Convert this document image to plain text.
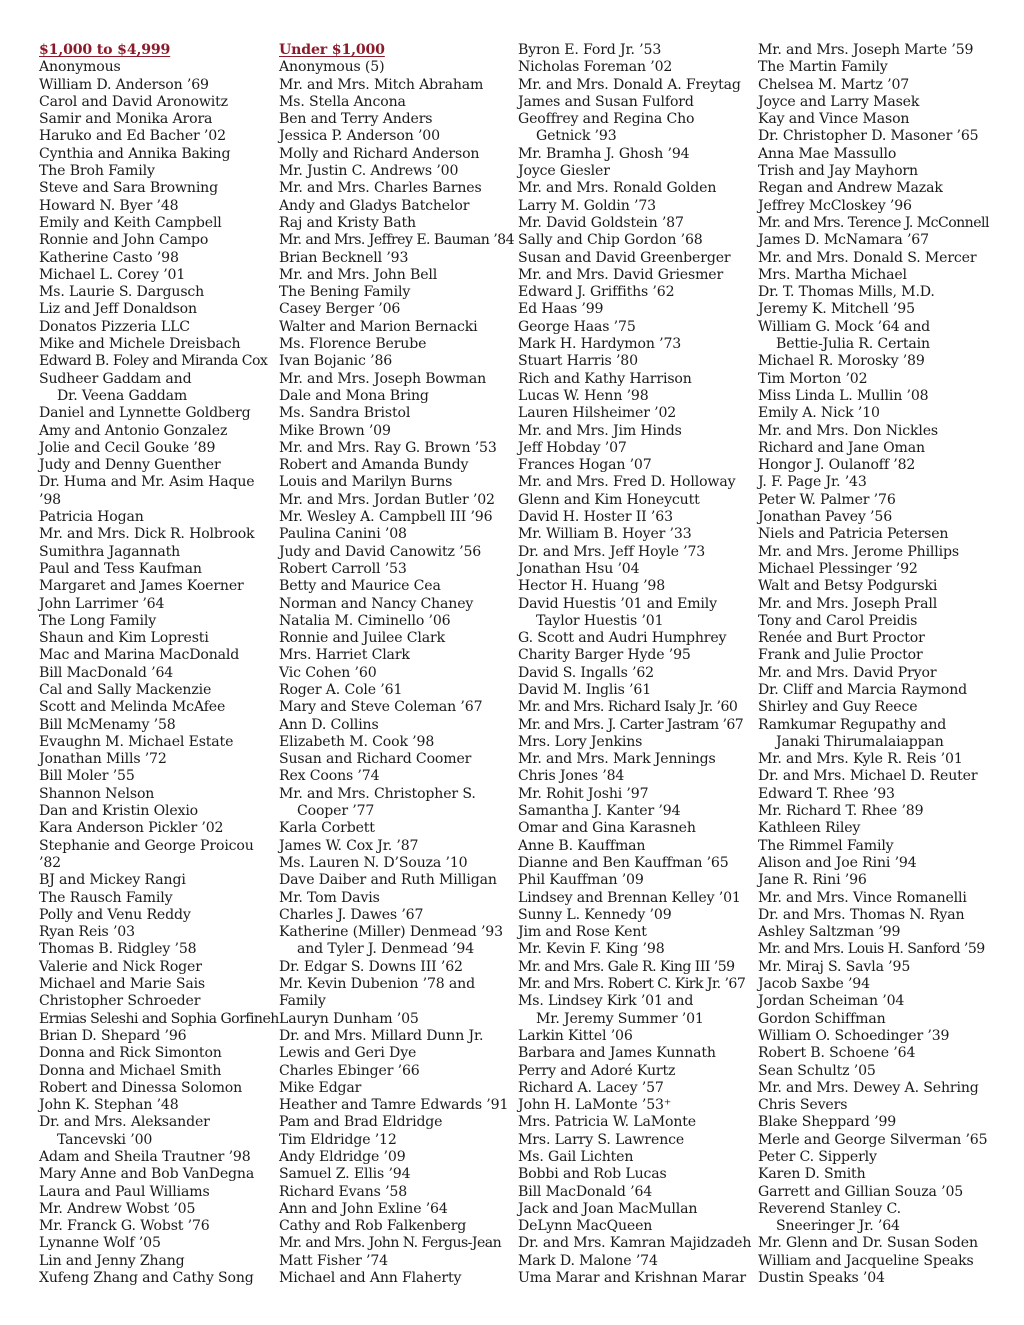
$1,000 to $4,999
Anonymous
William D. Anderson ’69
Carol and David Aronowitz
Samir and Monika Arora
Haruko and Ed Bacher ’02
Cynthia and Annika Baking
The Broh Family
Steve and Sara Browning
Howard N. Byer ’48
Emily and Keith Campbell
Ronnie and John Campo
Katherine Casto ’98
Michael L. Corey ’01
Ms. Laurie S. Dargusch
Liz and Jeff Donaldson
Donatos Pizzeria LLC
Mike and Michele Dreisbach
Edward B. Foley and Miranda Cox
Sudheer Gaddam and
Dr. Veena Gaddam
Daniel and Lynnette Goldberg
Amy and Antonio Gonzalez
Jolie and Cecil Gouke ’89
Judy and Denny Guenther
Dr. Huma and Mr. Asim Haque
’98
Patricia Hogan
Mr. and Mrs. Dick R. Holbrook
Sumithra Jagannath
Paul and Tess Kaufman
Margaret and James Koerner
John Larrimer ’64
The Long Family
Shaun and Kim Lopresti
Mac and Marina MacDonald
Bill MacDonald ’64
Cal and Sally Mackenzie
Scott and Melinda McAfee
Bill McMenamy ’58
Evaughn M. Michael Estate
Jonathan Mills ’72
Bill Moler ’55
Shannon Nelson
Dan and Kristin Olexio
Kara Anderson Pickler ’02
Stephanie and George Proicou
’82
BJ and Mickey Rangi
The Rausch Family
Polly and Venu Reddy
Ryan Reis ’03
Thomas B. Ridgley ’58
Valerie and Nick Roger
Michael and Marie Sais
Christopher Schroeder
Ermias Seleshi and Sophia Gorfineh
Brian D. Shepard ’96
Donna and Rick Simonton
Donna and Michael Smith
Robert and Dinessa Solomon
John K. Stephan ’48
Dr. and Mrs. Aleksander
Tancevski ’00
Adam and Sheila Trautner ’98
Mary Anne and Bob VanDegna
Laura and Paul Williams
Mr. Andrew Wobst ’05
Mr. Franck G. Wobst ’76
Lynanne Wolf ’05
Lin and Jenny Zhang
Xufeng Zhang and Cathy Song
Under $1,000
Anonymous (5)
Mr. and Mrs. Mitch Abraham
Ms. Stella Ancona
Ben and Terry Anders
Jessica P. Anderson ’00
Molly and Richard Anderson
Mr. Justin C. Andrews ’00
Mr. and Mrs. Charles Barnes
Andy and Gladys Batchelor
Raj and Kristy Bath
Mr. and Mrs. Jeffrey E. Bauman ’84
Brian Becknell ’93
Mr. and Mrs. John Bell
The Bening Family
Casey Berger ’06
Walter and Marion Bernacki
Ms. Florence Berube
Ivan Bojanic ’86
Mr. and Mrs. Joseph Bowman
Dale and Mona Bring
Ms. Sandra Bristol
Mike Brown ’09
Mr. and Mrs. Ray G. Brown ’53
Robert and Amanda Bundy
Louis and Marilyn Burns
Mr. and Mrs. Jordan Butler ’02
Mr. Wesley A. Campbell III ’96
Paulina Canini ’08
Judy and David Canowitz ’56
Robert Carroll ’53
Betty and Maurice Cea
Norman and Nancy Chaney
Natalia M. Ciminello ’06
Ronnie and Juilee Clark
Mrs. Harriet Clark
Vic Cohen ’60
Roger A. Cole ’61
Mary and Steve Coleman ’67
Ann D. Collins
Elizabeth M. Cook ’98
Susan and Richard Coomer
Rex Coons ’74
Mr. and Mrs. Christopher S.
Cooper ’77
Karla Corbett
James W. Cox Jr. ’87
Ms. Lauren N. D’Souza ’10
Dave Daiber and Ruth Milligan
Mr. Tom Davis
Charles J. Dawes ’67
Katherine (Miller) Denmead ’93
and Tyler J. Denmead ’94
Dr. Edgar S. Downs III ’62
Mr. Kevin Dubenion ’78 and
Family
Lauryn Dunham ’05
Dr. and Mrs. Millard Dunn Jr.
Lewis and Geri Dye
Charles Ebinger ’66
Mike Edgar
Heather and Tamre Edwards ’91
Pam and Brad Eldridge
Tim Eldridge ’12
Andy Eldridge ’09
Samuel Z. Ellis ’94
Richard Evans ’58
Ann and John Exline ’64
Cathy and Rob Falkenberg
Mr. and Mrs. John N. Fergus-Jean
Matt Fisher ’74
Michael and Ann Flaherty
Byron E. Ford Jr. ’53
Nicholas Foreman ’02
Mr. and Mrs. Donald A. Freytag
James and Susan Fulford
Geoffrey and Regina Cho
Getnick ’93
Mr. Bramha J. Ghosh ’94
Joyce Giesler
Mr. and Mrs. Ronald Golden
Larry M. Goldin ’73
Mr. David Goldstein ’87
Sally and Chip Gordon ’68
Susan and David Greenberger
Mr. and Mrs. David Griesmer
Edward J. Griffiths ’62
Ed Haas ’99
George Haas ’75
Mark H. Hardymon ’73
Stuart Harris ’80
Rich and Kathy Harrison
Lucas W. Henn ’98
Lauren Hilsheimer ’02
Mr. and Mrs. Jim Hinds
Jeff Hobday ’07
Frances Hogan ’07
Mr. and Mrs. Fred D. Holloway
Glenn and Kim Honeycutt
David H. Hoster II ’63
Mr. William B. Hoyer ’33
Dr. and Mrs. Jeff Hoyle ’73
Jonathan Hsu ’04
Hector H. Huang ’98
David Huestis ’01 and Emily
Taylor Huestis ’01
G. Scott and Audri Humphrey
Charity Barger Hyde ’95
David S. Ingalls ’62
David M. Inglis ’61
Mr. and Mrs. Richard Isaly Jr. ’60
Mr. and Mrs. J. Carter Jastram ’67
Mrs. Lory Jenkins
Mr. and Mrs. Mark Jennings
Chris Jones ’84
Mr. Rohit Joshi ’97
Samantha J. Kanter ’94
Omar and Gina Karasneh
Anne B. Kauffman
Dianne and Ben Kauffman ’65
Phil Kauffman ’09
Lindsey and Brennan Kelley ’01
Sunny L. Kennedy ’09
Jim and Rose Kent
Mr. Kevin F. King ’98
Mr. and Mrs. Gale R. King III ’59
Mr. and Mrs. Robert C. Kirk Jr. ’67
Ms. Lindsey Kirk ’01 and
Mr. Jeremy Summer ’01
Larkin Kittel ’06
Barbara and James Kunnath
Perry and Adoré Kurtz
Richard A. Lacey ’57
John H. LaMonte ’53⁺
Mrs. Patricia W. LaMonte
Mrs. Larry S. Lawrence
Ms. Gail Lichten
Bobbi and Rob Lucas
Bill MacDonald ’64
Jack and Joan MacMullan
DeLynn MacQueen
Dr. and Mrs. Kamran Majidzadeh
Mark D. Malone ’74
Uma Marar and Krishnan Marar
Mr. and Mrs. Joseph Marte ’59
The Martin Family
Chelsea M. Martz ’07
Joyce and Larry Masek
Kay and Vince Mason
Dr. Christopher D. Masoner ’65
Anna Mae Massullo
Trish and Jay Mayhorn
Regan and Andrew Mazak
Jeffrey McCloskey ’96
Mr. and Mrs. Terence J. McConnell
James D. McNamara ’67
Mr. and Mrs. Donald S. Mercer
Mrs. Martha Michael
Dr. T. Thomas Mills, M.D.
Jeremy K. Mitchell ’95
William G. Mock ’64 and
Bettie-Julia R. Certain
Michael R. Morosky ’89
Tim Morton ’02
Miss Linda L. Mullin ’08
Emily A. Nick ’10
Mr. and Mrs. Don Nickles
Richard and Jane Oman
Hongor J. Oulanoff ’82
J. F. Page Jr. ’43
Peter W. Palmer ’76
Jonathan Pavey ’56
Niels and Patricia Petersen
Mr. and Mrs. Jerome Phillips
Michael Plessinger ’92
Walt and Betsy Podgurski
Mr. and Mrs. Joseph Prall
Tony and Carol Preidis
Renée and Burt Proctor
Frank and Julie Proctor
Mr. and Mrs. David Pryor
Dr. Cliff and Marcia Raymond
Shirley and Guy Reece
Ramkumar Regupathy and
Janaki Thirumalaiappan
Mr. and Mrs. Kyle R. Reis ’01
Dr. and Mrs. Michael D. Reuter
Edward T. Rhee ’93
Mr. Richard T. Rhee ’89
Kathleen Riley
The Rimmel Family
Alison and Joe Rini ’94
Jane R. Rini ’96
Mr. and Mrs. Vince Romanelli
Dr. and Mrs. Thomas N. Ryan
Ashley Saltzman ’99
Mr. and Mrs. Louis H. Sanford ’59
Mr. Miraj S. Savla ’95
Jacob Saxbe ’94
Jordan Scheiman ’04
Gordon Schiffman
William O. Schoedinger ’39
Robert B. Schoene ’64
Sean Schultz ’05
Mr. and Mrs. Dewey A. Sehring
Chris Severs
Blake Sheppard ’99
Merle and George Silverman ’65
Peter C. Sipperly
Karen D. Smith
Garrett and Gillian Souza ’05
Reverend Stanley C.
Sneeringer Jr. ’64
Mr. Glenn and Dr. Susan Soden
William and Jacqueline Speaks
Dustin Speaks ’04
